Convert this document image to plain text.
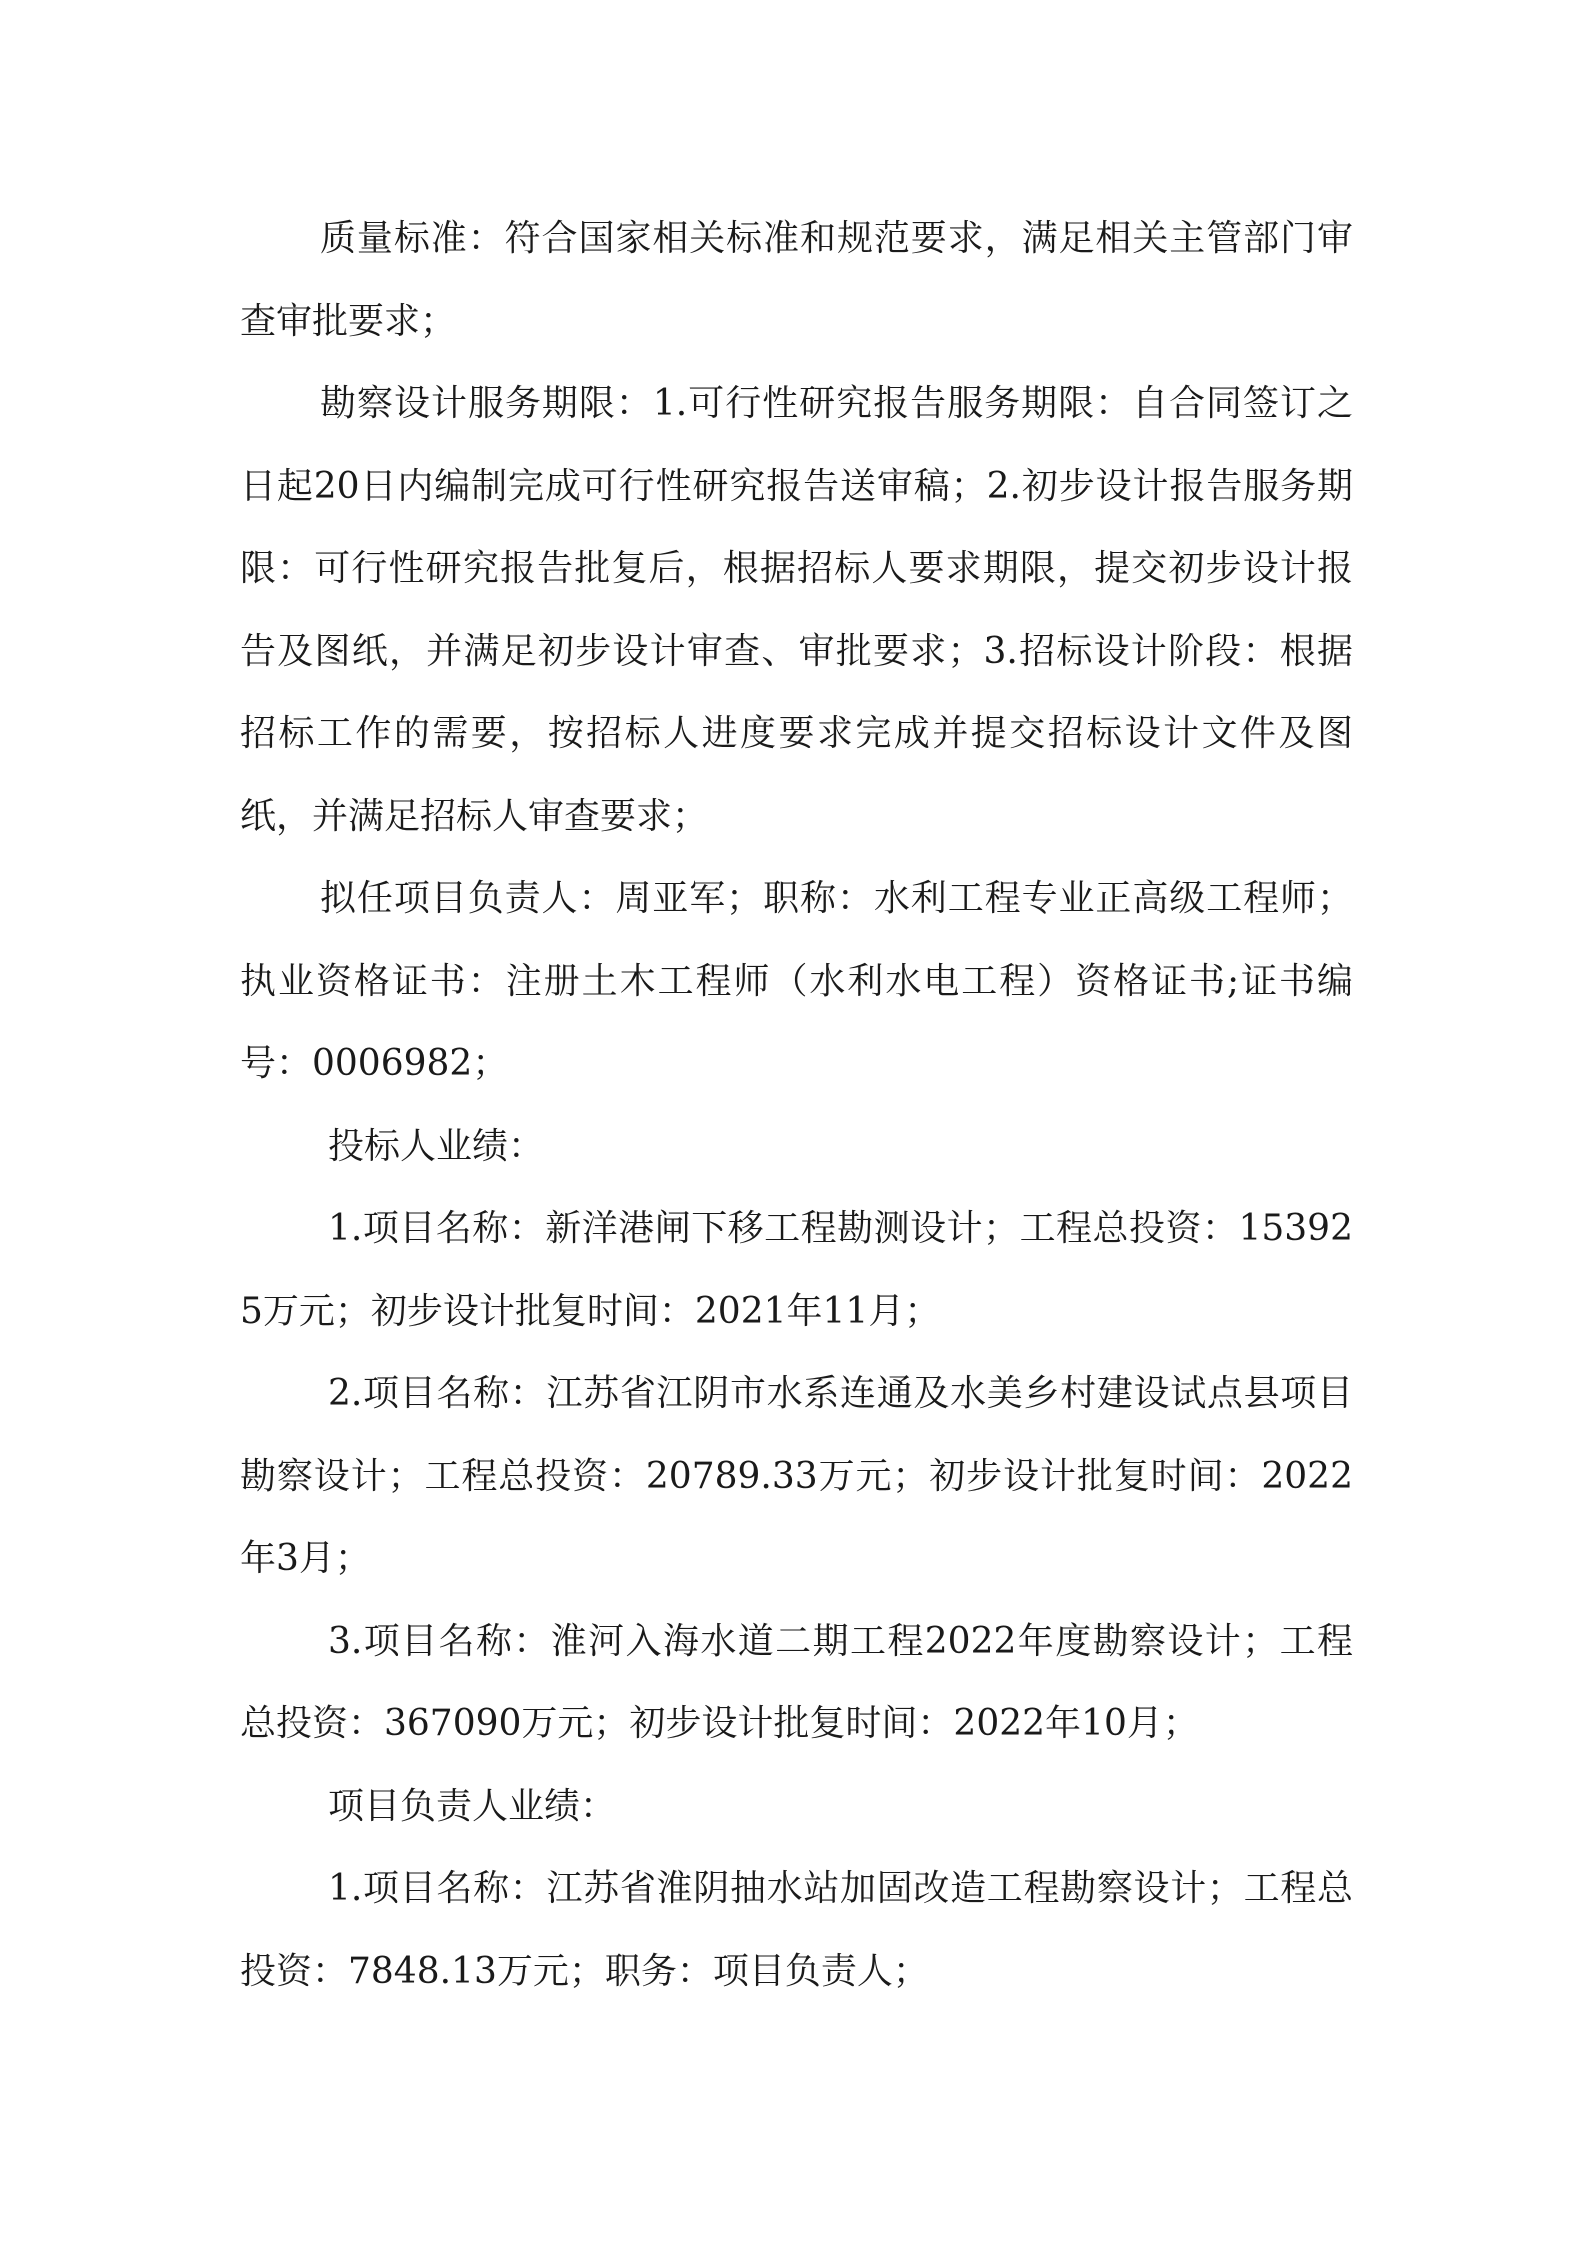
质量标准：符合国家相关标准和规范要求，满足相关主管部门审查审批要求；

勘察设计服务期限：1.可行性研究报告服务期限：自合同签订之日起20日内编制完成可行性研究报告送审稿；2.初步设计报告服务期限：可行性研究报告批复后，根据招标人要求期限，提交初步设计报告及图纸，并满足初步设计审查、审批要求；3.招标设计阶段：根据招标工作的需要，按招标人进度要求完成并提交招标设计文件及图纸，并满足招标人审查要求；

拟任项目负责人：周亚军；职称：水利工程专业正高级工程师；执业资格证书：注册土木工程师（水利水电工程）资格证书;证书编号：0006982；

投标人业绩：

1.项目名称：新洋港闸下移工程勘测设计；工程总投资：153925万元；初步设计批复时间：2021年11月；

2.项目名称：江苏省江阴市水系连通及水美乡村建设试点县项目勘察设计；工程总投资：20789.33万元；初步设计批复时间：2022年3月；

3.项目名称：淮河入海水道二期工程2022年度勘察设计；工程总投资：367090万元；初步设计批复时间：2022年10月；

项目负责人业绩：

1.项目名称：江苏省淮阴抽水站加固改造工程勘察设计；工程总投资：7848.13万元；职务：项目负责人；
